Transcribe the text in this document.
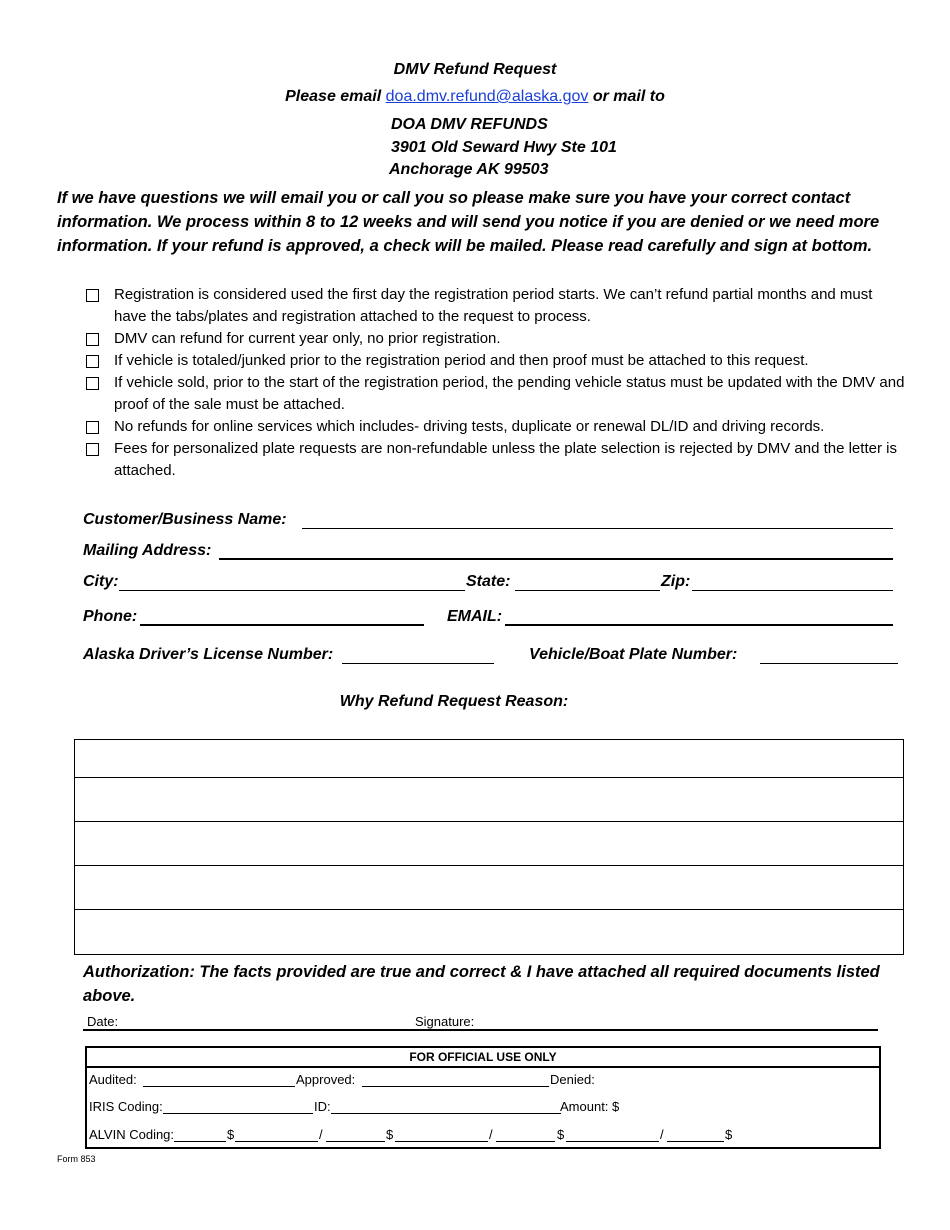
DMV Refund Request
Please email doa.dmv.refund@alaska.gov or mail to
DOA DMV REFUNDS
3901 Old Seward Hwy Ste 101
Anchorage AK 99503
If we have questions we will email you or call you so please make sure you have your correct contact information. We process within 8 to 12 weeks and will send you notice if you are denied or we need more information. If your refund is approved, a check will be mailed. Please read carefully and sign at bottom.
Registration is considered used the first day the registration period starts. We can’t refund partial months and must have the tabs/plates and registration attached to the request to process.
DMV can refund for current year only, no prior registration.
If vehicle is totaled/junked prior to the registration period and then proof must be attached to this request.
If vehicle sold, prior to the start of the registration period, the pending vehicle status must be updated with the DMV and proof of the sale must be attached.
No refunds for online services which includes- driving tests, duplicate or renewal DL/ID and driving records.
Fees for personalized plate requests are non-refundable unless the plate selection is rejected by DMV and the letter is attached.
Customer/Business Name:
Mailing Address:
City:	State:	Zip:
Phone:	EMAIL:
Alaska Driver’s License Number:	Vehicle/Boat Plate Number:
Why Refund Request Reason:
Authorization: The facts provided are true and correct & I have attached all required documents listed above.
Date:	Signature:
FOR OFFICIAL USE ONLY
Audited:	Approved:	Denied:
IRIS Coding:	ID:	Amount: $
ALVIN Coding:	$	/	$	/	$	/	$
Form 853
